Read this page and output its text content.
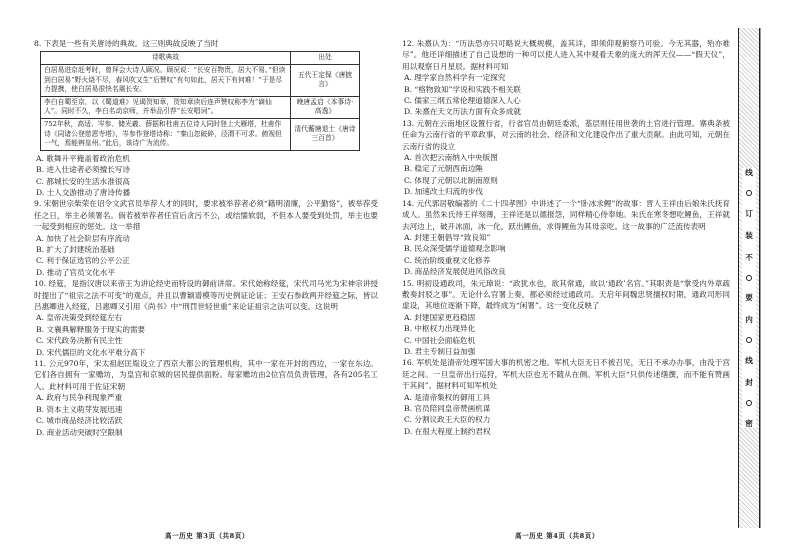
8. 下表是一些有关唐诗的典故。这三则典故反映了当时

诗歌典故	出处
白居易进京赶考时，曾拜会大诗人顾况。顾况说：“长安百物贵，居大不易。”但读到白居易“野火烧不尽，春风吹又生”后赞叹“有句如此，居天下有何难！”于是尽力提携，使白居易很快名震长安。	五代王定保《唐摭言》
李白自蜀至京，以《蜀道难》见谒贺知章，贺知章读后连声赞叹称李为“谪仙人”。同时不久，李白名动京师，并举品引荐“长安唱词”。	晚唐孟启《本事诗·高逸》
752年秋，高适、岑参、储光羲、薛据和杜甫五位诗人同时登上大雁塔，杜甫作诗《同诸公登慈恩寺塔》，岑参作登塔诗称：“秦山忽破碎，泾渭不可求。俯视但一气，焉能辨皇州。”此后，该诗广为流传。	清代蘅塘退士《唐诗三百首》

A. 歌舞升平掩盖着政治危机

B. 进入仕途者必须擅长写诗

C. 都城长安的生活水准很高

D. 士人交游推动了唐诗传播

9. 宋朝世宗柴荣在诏令文武官员举荐人才的同时，要求被举荐者必须“籍明清廉，公平勤恪”，被举荐受任之日，举主必须署名。倘若被举荐者任官后贪污不公，或结懦软弱，不但本人要受到处罚，举主也要一起受到相应的惩处。这一举措

A. 加快了社会阶层有序流动

B. 扩大了封建统治基础

C. 利于保证选官的公平公正

D. 推动了官员文化水平

10. 经筵，是指汉唐以来帝王为讲论经史而特设的御前讲席。宋代始称经筵，宋代司马光为宋神宗讲授时提出了“祖宗之法不可变”的观点，并且以曹颖谱模等历史例证论证；王安石参政两开经筵之际，皆以吕惠卿进入经筵，吕惠卿又引用《尚书》中“刑罚世轻世重”来论证祖宗之法可以变。这说明

A. 皇帝决策受到经筵左右

B. 文襄典解释服务于现实的需要

C. 宋代政务决断有民主性

D. 宋代儒臣的文化水平难分高下

11. 公元970年，宋太祖赵匡胤设立了西京大都公的管理机构，其中一家在开封的西边，一家在东边。它们各自拥有一家赡坊，为皇宫和京城的居民提供面粉。每家赡坊由2位官员负责管理，各有205名工人。此材料可用于佐证宋朝

A. 政府与民争利现象严重

B. 资本主义萌芽发展迅速

C. 城市商品经济比较活跃

D. 商业活动突破时空限制

12. 朱熹认为：“历法恐亦只可略说大概规模，盖其详，即须仰观俯察乃可验。今无其器，殆亦难尽”。他还详细描述了自己设想的一种可以使人进入其中观看天象的庞大的浑天仪——“假天仪”，用以观察日月星辰。据材料可知

A. 理学家自然科学有一定探究

B. “格物致知”学说和实践不相关联

C. 儒家三纲五常伦理道德深入人心

D. 朱熹在天文历法方面有众多成就

13. 元朝在云南地区设置行省，行省官员由朝廷委派，基层则任用世袭的土官进行管理。寨典条被任命为云南行省的平章政事，对云南的社会、经济和文化建设作出了重大贡献。由此可知，元朝在云南行省的设立

A. 首次把云南纳入中央版图

B. 稳定了元朝西南边陲

C. 体现了元朝以北制南原则

D. 加速改土归流的步伐

14. 元代郭居敬编著的《二十四孝图》中讲述了一个“卧冰求鲤”的故事：晋人王祥由后娘朱氏抚育成人。虽然朱氏待王祥刻薄，王祥还是以德报怨，同样精心侍奉她。朱氏在寒冬想吃鲤鱼，王祥就去河边上，破开冰面，冰一化，跃出鲤鱼，求得鲤鱼为其母亲吃。这一故事的广泛流传表明

A. 封建王朝倡导“致良知”

B. 民众深受儒学道德观念影响

C. 统治阶级重视文化修养

D. 商品经济发展促进风俗改良

15. 明初设通政司，朱元璋说：“政犹水也，欲其常通，故以‘通政’名官。”其职责是“掌受内外章疏敷奏封驳之事”。无论什么官署上奏，都必须经过通政司。天启年间魏忠贤擅权时期，通政司形同虚设，其地位逐渐下降，最终成为“闲署”。这一变化反映了

A. 封建国家更趋稳固

B. 中枢权力出现异化

C. 中国社会面临危机

D. 君主专制日益加强

16. 军机处是清帝处理军国大事的机密之地。军机大臣无日不被召见，无日不承办办事，由没于宫廷之间。一旦皇帝出行巡狩，军机大臣也无不随从在侧。军机大臣“只供传述缮撰，而不能有赞画于其间”。据材料可知军机处

A. 是清帝集权的御用工具

B. 官员陪同皇帝赞画机谋

C. 分割议政王大臣的权力

D. 在很大程度上制约君权

高一历史 第3页（共8页）	高一历史 第4页（共8页）
线
订
装
不
要
内
线
封
密
